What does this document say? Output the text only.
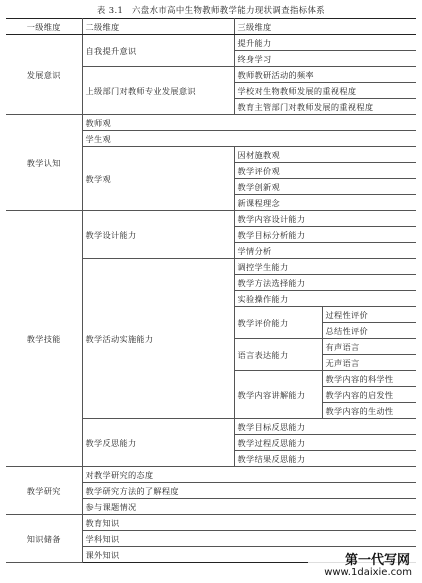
表 3.1　六盘水市高中生物教师教学能力现状调查指标体系
一级维度	二级维度	三级维度	
发展意识	自我提升意识	提升能力	
		终身学习	
	上级部门对教师专业发展意识	教师教研活动的频率	
		学校对生物教师发展的重视程度	
		教育主管部门对教师发展的重视程度	
教学认知	教师观		
	学生观		
	教学观	因材施教观	
		教学评价观	
		教学创新观	
		新课程理念	
教学技能	教学设计能力	教学内容设计能力	
		教学目标分析能力	
		学情分析	
	教学活动实施能力	调控学生能力	
		教学方法选择能力	
		实验操作能力	
		教学评价能力	过程性评价
			总结性评价
		语言表达能力	有声语言
			无声语言
		教学内容讲解能力	教学内容的科学性
			教学内容的启发性
			教学内容的生动性
	教学反思能力	教学目标反思能力	
		教学过程反思能力	
		教学结果反思能力	
教学研究	对教学研究的态度		
	教学研究方法的了解程度		
	参与课题情况		
知识储备	教育知识		
	学科知识		
	课外知识			第一代写网
www.1daixie.com
